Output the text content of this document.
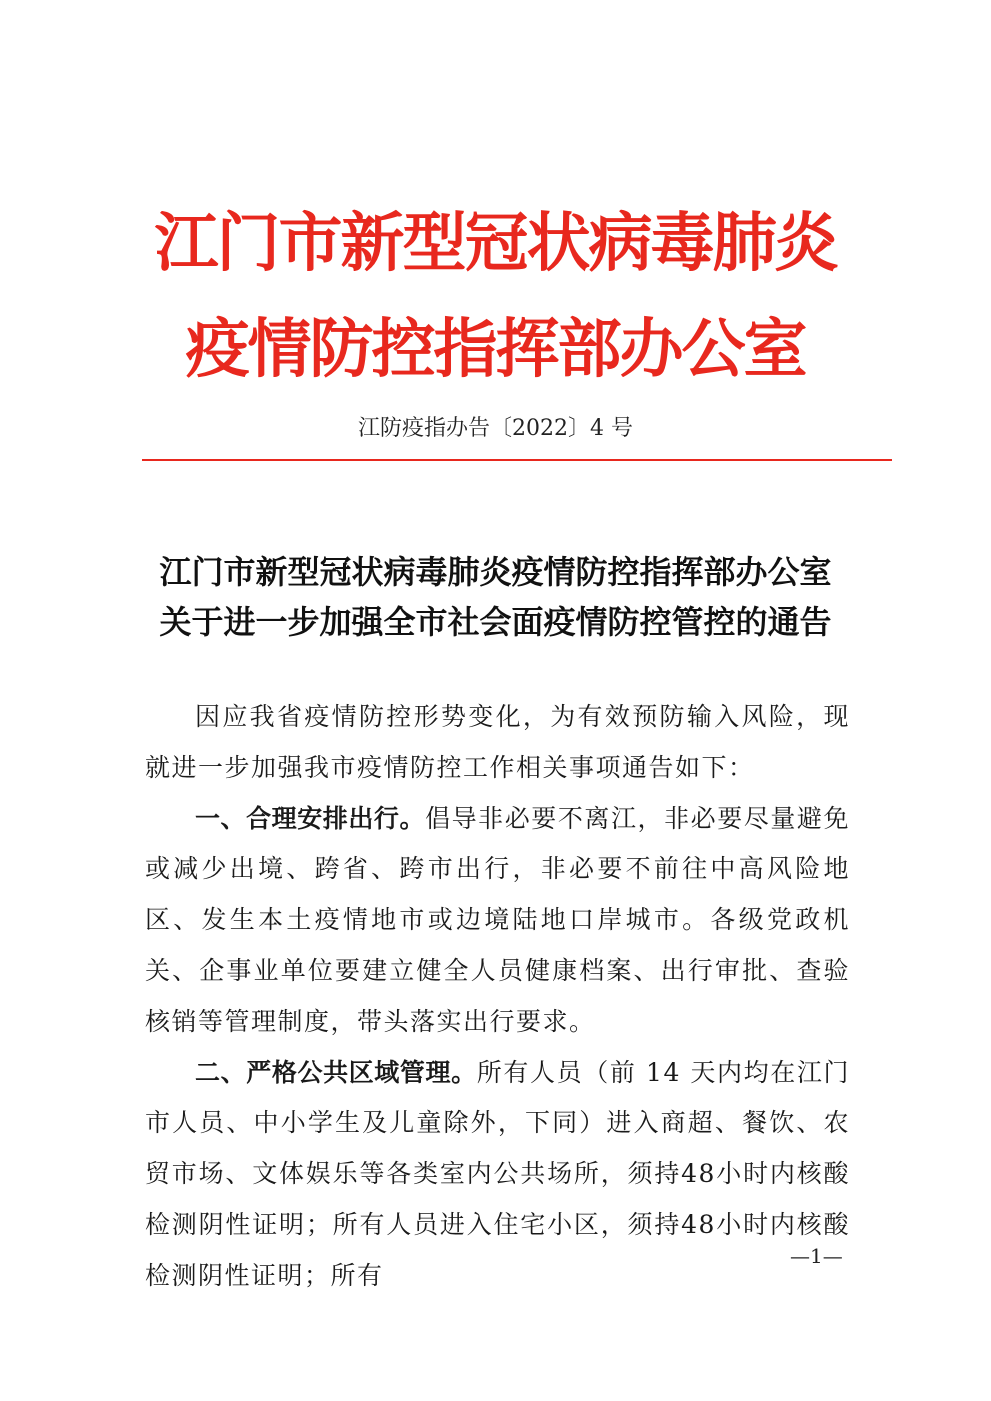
江门市新型冠状病毒肺炎
疫情防控指挥部办公室
江防疫指办告〔2022〕4 号
江门市新型冠状病毒肺炎疫情防控指挥部办公室
关于进一步加强全市社会面疫情防控管控的通告

因应我省疫情防控形势变化，为有效预防输入风险，现就进一步加强我市疫情防控工作相关事项通告如下：

一、合理安排出行。倡导非必要不离江，非必要尽量避免或减少出境、跨省、跨市出行，非必要不前往中高风险地区、发生本土疫情地市或边境陆地口岸城市。各级党政机关、企事业单位要建立健全人员健康档案、出行审批、查验核销等管理制度，带头落实出行要求。

二、严格公共区域管理。所有人员（前 14 天内均在江门市人员、中小学生及儿童除外，下同）进入商超、餐饮、农贸市场、文体娱乐等各类室内公共场所，须持48小时内核酸检测阴性证明；所有人员进入住宅小区，须持48小时内核酸检测阴性证明；所有

—1—
